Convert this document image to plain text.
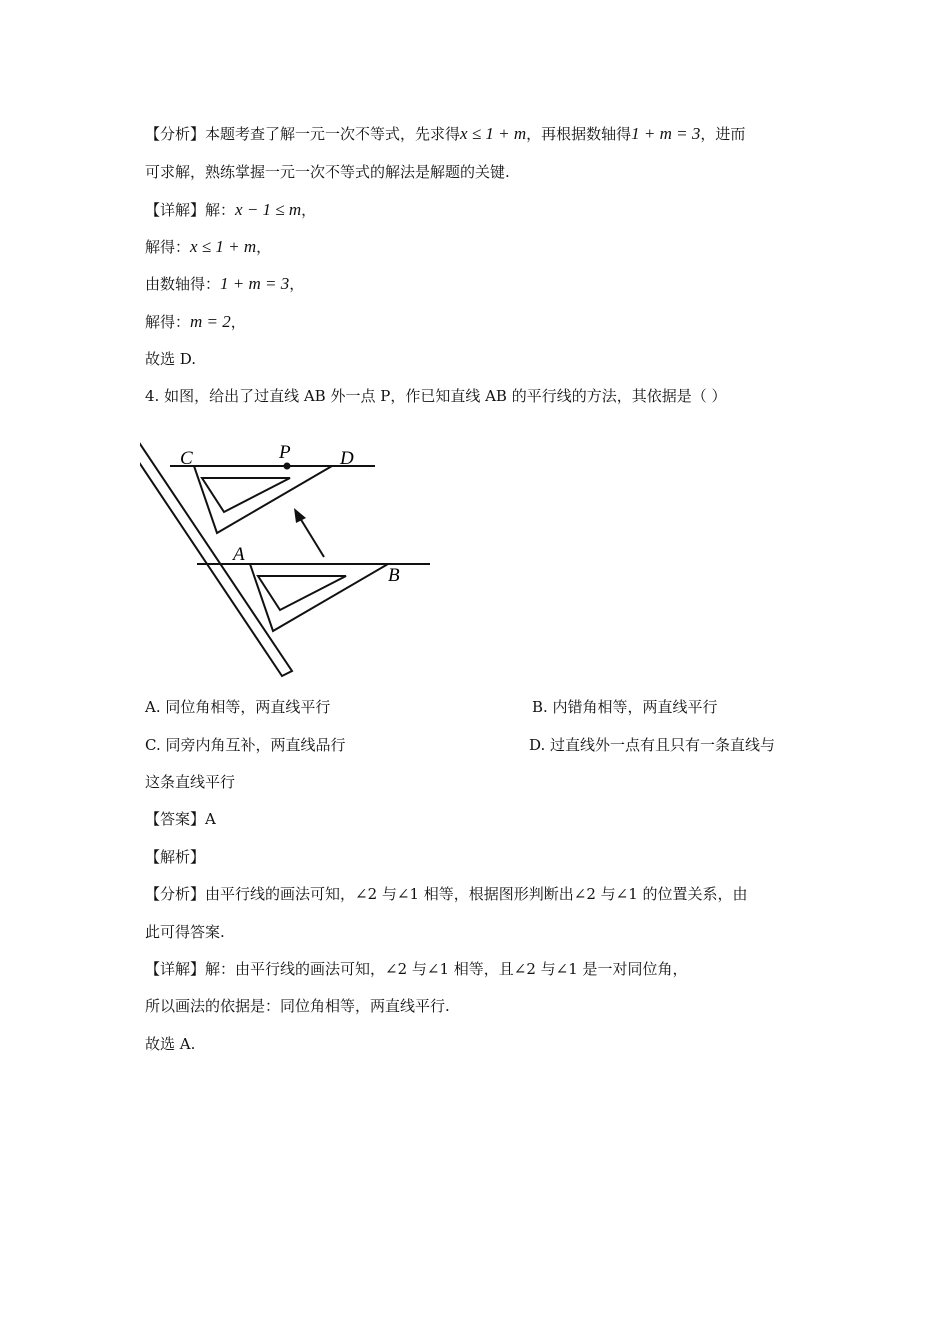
【分析】本题考查了解一元一次不等式，先求得x ≤ 1 + m，再根据数轴得1 + m = 3，进而
可求解，熟练掌握一元一次不等式的解法是解题的关键.
【详解】解：x − 1 ≤ m，
解得：x ≤ 1 + m，
由数轴得：1 + m = 3，
解得：m = 2，
故选 D.
4. 如图，给出了过直线 AB 外一点 P，作已知直线 AB 的平行线的方法，其依据是（ ）
C	P	D
A
B
A. 同位角相等，两直线平行	B. 内错角相等，两直线平行
C. 同旁内角互补，两直线品行	D. 过直线外一点有且只有一条直线与
这条直线平行
【答案】A
【解析】
【分析】由平行线的画法可知，∠2 与∠1 相等，根据图形判断出∠2 与∠1 的位置关系，由
此可得答案.
【详解】解：由平行线的画法可知，∠2 与∠1 相等，且∠2 与∠1 是一对同位角，
所以画法的依据是：同位角相等，两直线平行.
故选 A.
